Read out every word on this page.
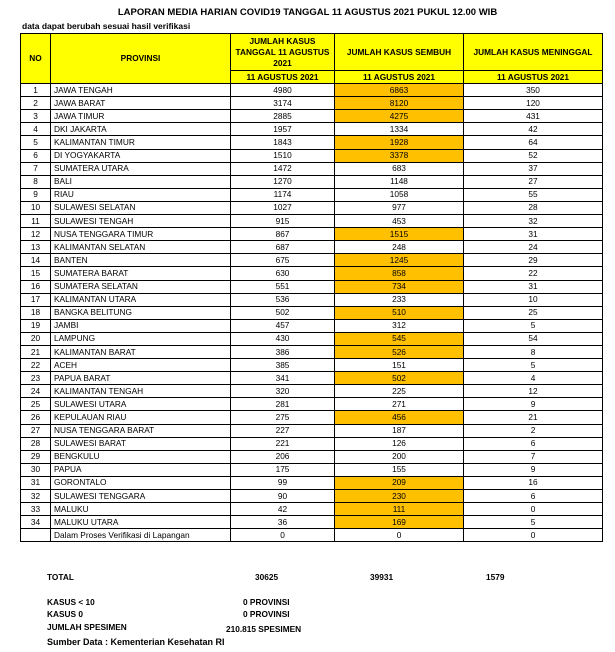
LAPORAN MEDIA HARIAN COVID19 TANGGAL 11 AGUSTUS 2021 PUKUL 12.00 WIB
data dapat berubah sesuai hasil verifikasi
NO	PROVINSI	JUMLAH KASUS TANGGAL 11 AGUSTUS 2021	JUMLAH KASUS SEMBUH	JUMLAH KASUS MENINGGAL
		11 AGUSTUS 2021	11 AGUSTUS 2021	11 AGUSTUS 2021
1	JAWA TENGAH	4980	6863	350
2	JAWA BARAT	3174	8120	120
3	JAWA TIMUR	2885	4275	431
4	DKI JAKARTA	1957	1334	42
5	KALIMANTAN TIMUR	1843	1928	64
6	DI YOGYAKARTA	1510	3378	52
7	SUMATERA UTARA	1472	683	37
8	BALI	1270	1148	27
9	RIAU	1174	1058	55
10	SULAWESI SELATAN	1027	977	28
11	SULAWESI TENGAH	915	453	32
12	NUSA TENGGARA TIMUR	867	1515	31
13	KALIMANTAN SELATAN	687	248	24
14	BANTEN	675	1245	29
15	SUMATERA BARAT	630	858	22
16	SUMATERA SELATAN	551	734	31
17	KALIMANTAN UTARA	536	233	10
18	BANGKA BELITUNG	502	510	25
19	JAMBI	457	312	5
20	LAMPUNG	430	545	54
21	KALIMANTAN BARAT	386	526	8
22	ACEH	385	151	5
23	PAPUA BARAT	341	502	4
24	KALIMANTAN TENGAH	320	225	12
25	SULAWESI UTARA	281	271	9
26	KEPULAUAN RIAU	275	456	21
27	NUSA TENGGARA BARAT	227	187	2
28	SULAWESI BARAT	221	126	6
29	BENGKULU	206	200	7
30	PAPUA	175	155	9
31	GORONTALO	99	209	16
32	SULAWESI TENGGARA	90	230	6
33	MALUKU	42	111	0
34	MALUKU UTARA	36	169	5
	Dalam Proses Verifikasi di Lapangan	0	0	0
TOTAL	30625	39931	1579
KASUS < 10	0 PROVINSI
KASUS 0	0 PROVINSI
JUMLAH SPESIMEN	210.815 SPESIMEN
Sumber Data : Kementerian Kesehatan RI
